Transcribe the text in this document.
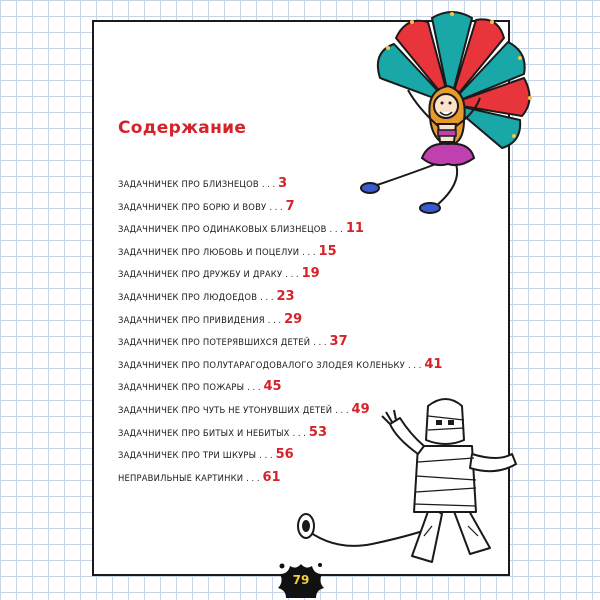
Содержание
ЗАДАЧНИЧЕК ПРО БЛИЗНЕЦОВ . . . 3
ЗАДАЧНИЧЕК ПРО БОРЮ И ВОВУ . . . 7
ЗАДАЧНИЧЕК ПРО ОДИНАКОВЫХ БЛИЗНЕЦОВ . . . 11
ЗАДАЧНИЧЕК ПРО ЛЮБОВЬ И ПОЦЕЛУИ . . . 15
ЗАДАЧНИЧЕК ПРО ДРУЖБУ И ДРАКУ . . . 19
ЗАДАЧНИЧЕК ПРО ЛЮДОЕДОВ . . . 23
ЗАДАЧНИЧЕК ПРО ПРИВИДЕНИЯ . . . 29
ЗАДАЧНИЧЕК ПРО ПОТЕРЯВШИХСЯ ДЕТЕЙ . . . 37
ЗАДАЧНИЧЕК ПРО ПОЛУТАРАГОДОВАЛОГО ЗЛОДЕЯ КОЛЕНЬКУ . . . 41
ЗАДАЧНИЧЕК ПРО ПОЖАРЫ . . . 45
ЗАДАЧНИЧЕК ПРО ЧУТЬ НЕ УТОНУВШИХ ДЕТЕЙ . . . 49
ЗАДАЧНИЧЕК ПРО БИТЫХ И НЕБИТЫХ . . . 53
ЗАДАЧНИЧЕК ПРО ТРИ ШКУРЫ . . . 56
НЕПРАВИЛЬНЫЕ КАРТИНКИ . . . 61
79
